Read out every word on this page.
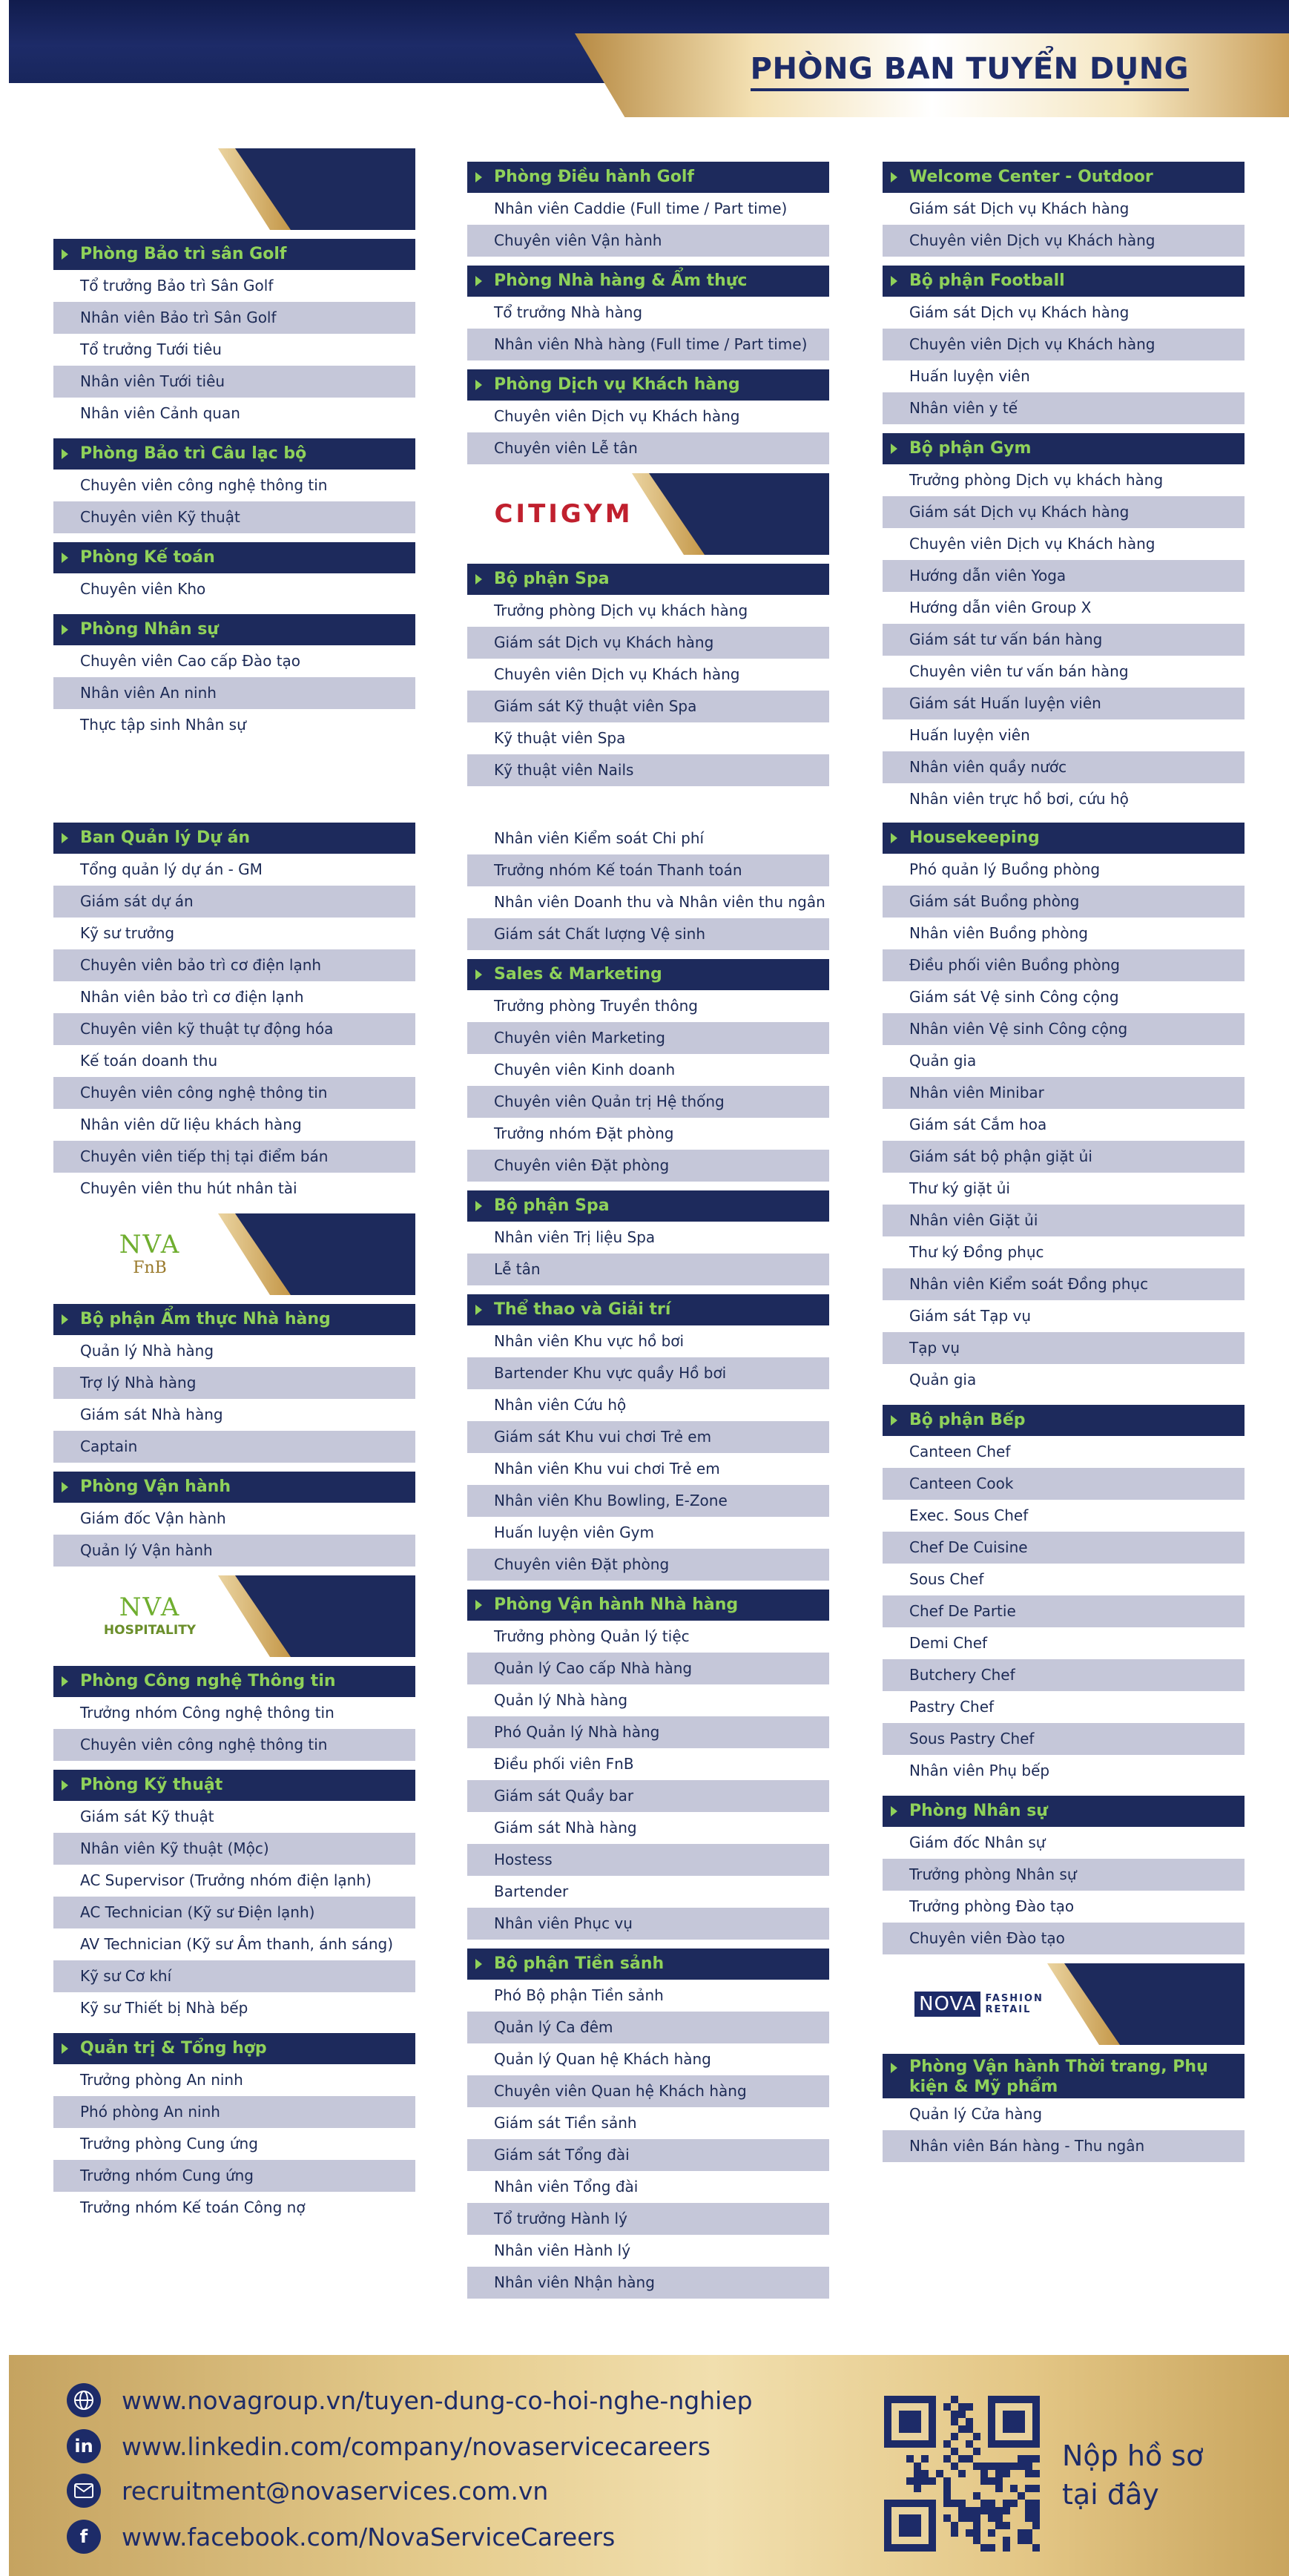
PHÒNG BAN TUYỂN DỤNG
Phòng Bảo trì sân Golf
Tổ trưởng Bảo trì Sân Golf
Nhân viên Bảo trì Sân Golf
Tổ trưởng Tưới tiêu
Nhân viên Tưới tiêu
Nhân viên Cảnh quan
Phòng Bảo trì Câu lạc bộ
Chuyên viên công nghệ thông tin
Chuyên viên Kỹ thuật
Phòng Kế toán
Chuyên viên Kho
Phòng Nhân sự
Chuyên viên Cao cấp Đào tạo
Nhân viên An ninh
Thực tập sinh Nhân sự
Ban Quản lý Dự án
Tổng quản lý dự án - GM
Giám sát dự án
Kỹ sư trưởng
Chuyên viên bảo trì cơ điện lạnh
Nhân viên bảo trì cơ điện lạnh
Chuyên viên kỹ thuật tự động hóa
Kế toán doanh thu
Chuyên viên công nghệ thông tin
Nhân viên dữ liệu khách hàng
Chuyên viên tiếp thị tại điểm bán
Chuyên viên thu hút nhân tài
NVA
FnB
Bộ phận Ẩm thực Nhà hàng
Quản lý Nhà hàng
Trợ lý Nhà hàng
Giám sát Nhà hàng
Captain
Phòng Vận hành
Giám đốc Vận hành
Quản lý Vận hành
NVA
HOSPITALITY
Phòng Công nghệ Thông tin
Trưởng nhóm Công nghệ thông tin
Chuyên viên công nghệ thông tin
Phòng Kỹ thuật
Giám sát Kỹ thuật
Nhân viên Kỹ thuật (Mộc)
AC Supervisor (Trưởng nhóm điện lạnh)
AC Technician (Kỹ sư Điện lạnh)
AV Technician (Kỹ sư Âm thanh, ánh sáng)
Kỹ sư Cơ khí
Kỹ sư Thiết bị Nhà bếp
Quản trị & Tổng hợp
Trưởng phòng An ninh
Phó phòng An ninh
Trưởng phòng Cung ứng
Trưởng nhóm Cung ứng
Trưởng nhóm Kế toán Công nợ
Phòng Điều hành Golf
Nhân viên Caddie (Full time / Part time)
Chuyên viên Vận hành
Phòng Nhà hàng & Ẩm thực
Tổ trưởng Nhà hàng
Nhân viên Nhà hàng (Full time / Part time)
Phòng Dịch vụ Khách hàng
Chuyên viên Dịch vụ Khách hàng
Chuyên viên Lễ tân
CITIGYM
Bộ phận Spa
Trưởng phòng Dịch vụ khách hàng
Giám sát Dịch vụ Khách hàng
Chuyên viên Dịch vụ Khách hàng
Giám sát Kỹ thuật viên Spa
Kỹ thuật viên Spa
Kỹ thuật viên Nails
Nhân viên Kiểm soát Chi phí
Trưởng nhóm Kế toán Thanh toán
Nhân viên Doanh thu và Nhân viên thu ngân
Giám sát Chất lượng Vệ sinh
Sales & Marketing
Trưởng phòng Truyền thông
Chuyên viên Marketing
Chuyên viên Kinh doanh
Chuyên viên Quản trị Hệ thống
Trưởng nhóm Đặt phòng
Chuyên viên Đặt phòng
Bộ phận Spa
Nhân viên Trị liệu Spa
Lễ tân
Thể thao và Giải trí
Nhân viên Khu vực hồ bơi
Bartender Khu vực quầy Hồ bơi
Nhân viên Cứu hộ
Giám sát Khu vui chơi Trẻ em
Nhân viên Khu vui chơi Trẻ em
Nhân viên Khu Bowling, E-Zone
Huấn luyện viên Gym
Chuyên viên Đặt phòng
Phòng Vận hành Nhà hàng
Trưởng phòng Quản lý tiệc
Quản lý Cao cấp Nhà hàng
Quản lý Nhà hàng
Phó Quản lý Nhà hàng
Điều phối viên FnB
Giám sát Quầy bar
Giám sát Nhà hàng
Hostess
Bartender
Nhân viên Phục vụ
Bộ phận Tiền sảnh
Phó Bộ phận Tiền sảnh
Quản lý Ca đêm
Quản lý Quan hệ Khách hàng
Chuyên viên Quan hệ Khách hàng
Giám sát Tiền sảnh
Giám sát Tổng đài
Nhân viên Tổng đài
Tổ trưởng Hành lý
Nhân viên Hành lý
Nhân viên Nhận hàng
Welcome Center - Outdoor
Giám sát Dịch vụ Khách hàng
Chuyên viên Dịch vụ Khách hàng
Bộ phận Football
Giám sát Dịch vụ Khách hàng
Chuyên viên Dịch vụ Khách hàng
Huấn luyện viên
Nhân viên y tế
Bộ phận Gym
Trưởng phòng Dịch vụ khách hàng
Giám sát Dịch vụ Khách hàng
Chuyên viên Dịch vụ Khách hàng
Hướng dẫn viên Yoga
Hướng dẫn viên Group X
Giám sát tư vấn bán hàng
Chuyên viên tư vấn bán hàng
Giám sát Huấn luyện viên
Huấn luyện viên
Nhân viên quầy nước
Nhân viên trực hồ bơi, cứu hộ
Housekeeping
Phó quản lý Buồng phòng
Giám sát Buồng phòng
Nhân viên Buồng phòng
Điều phối viên Buồng phòng
Giám sát Vệ sinh Công cộng
Nhân viên Vệ sinh Công cộng
Quản gia
Nhân viên Minibar
Giám sát Cắm hoa
Giám sát bộ phận giặt ủi
Thư ký giặt ủi
Nhân viên Giặt ủi
Thư ký Đồng phục
Nhân viên Kiểm soát Đồng phục
Giám sát Tạp vụ
Tạp vụ
Quản gia
Bộ phận Bếp
Canteen Chef
Canteen Cook
Exec. Sous Chef
Chef De Cuisine
Sous Chef
Chef De Partie
Demi Chef
Butchery Chef
Pastry Chef
Sous Pastry Chef
Nhân viên Phụ bếp
Phòng Nhân sự
Giám đốc Nhân sự
Trưởng phòng Nhân sự
Trưởng phòng Đào tạo
Chuyên viên Đào tạo
NOVA FASHION
RETAIL
Phòng Vận hành Thời trang, Phụ kiện & Mỹ phẩm
Quản lý Cửa hàng
Nhân viên Bán hàng - Thu ngân
www.novagroup.vn/tuyen-dung-co-hoi-nghe-nghiep
in	www.linkedin.com/company/novaservicecareers
recruitment@novaservices.com.vn
f	www.facebook.com/NovaServiceCareers
Nộp hồ sơ
tại đây
